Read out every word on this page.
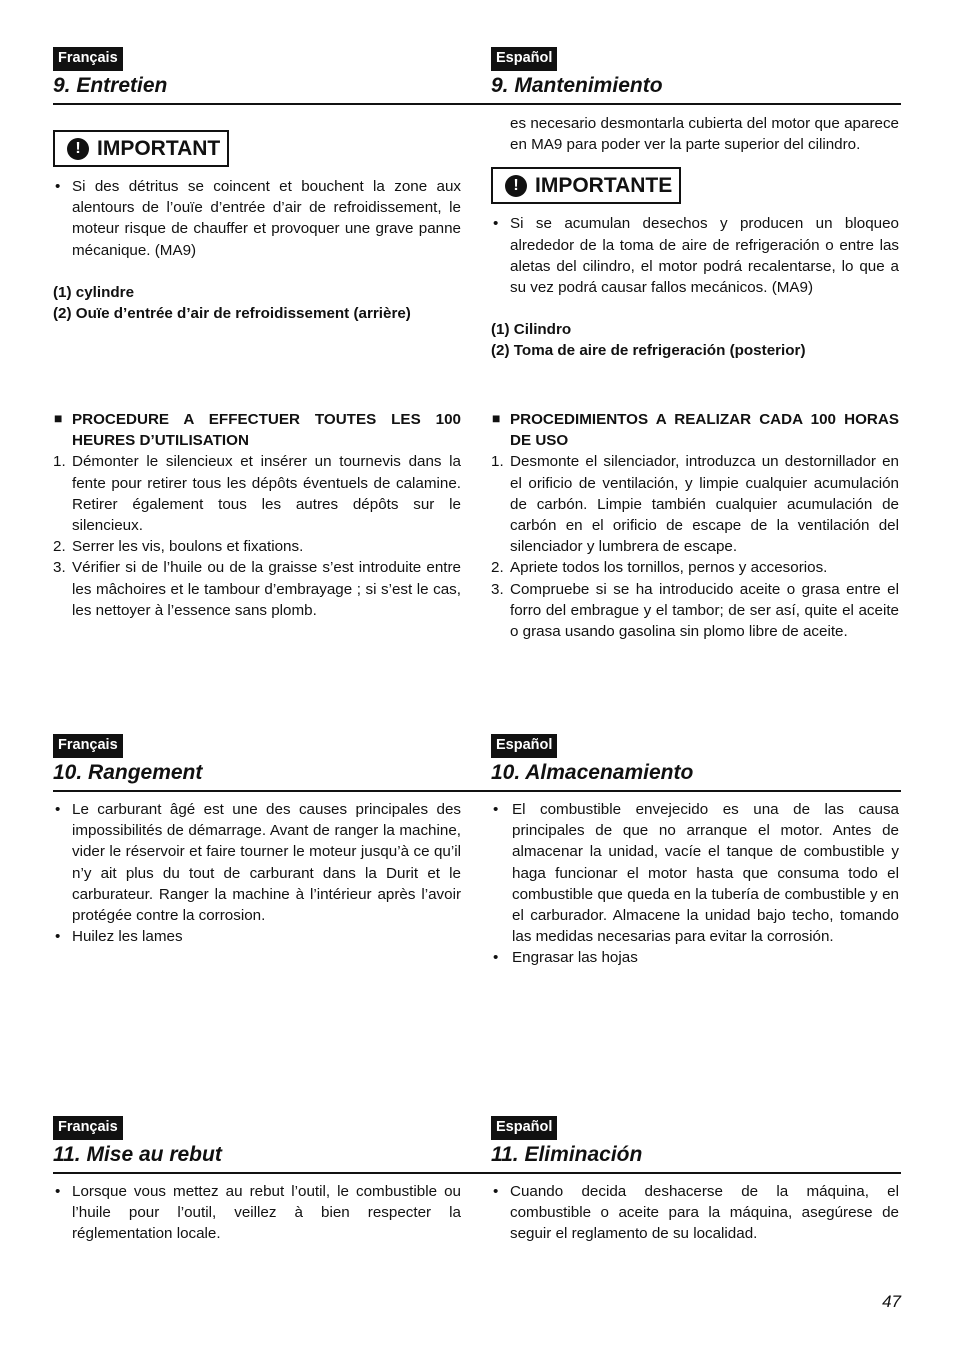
Français
9. Entretien
Español
9. Mantenimiento
! IMPORTANT
• Si des détritus se coincent et bouchent la zone aux alentours de l’ouïe d’entrée d’air de refroidissement, le moteur risque de chauffer et provoquer une grave panne mécanique. (MA9)
(1) cylindre
(2) Ouïe d’entrée d’air de refroidissement (arrière)
■ PROCEDURE A EFFECTUER TOUTES LES 100 HEURES D’UTILISATION
1. Démonter le silencieux et insérer un tournevis dans la fente pour retirer tous les dépôts éventuels de calamine. Retirer également tous les autres dépôts sur le silencieux.
2. Serrer les vis, boulons et fixations.
3. Vérifier si de l’huile ou de la graisse s’est introduite entre les mâchoires et le tambour d’embrayage ; si s’est le cas, les nettoyer à l’essence sans plomb.
es necesario desmontarla cubierta del motor que aparece en MA9 para poder ver la parte superior del cilindro.
! IMPORTANTE
• Si se acumulan desechos y producen un bloqueo alrededor de la toma de aire de refrigeración o entre las aletas del cilindro, el motor podrá recalentarse, lo que a su vez podrá causar fallos mecánicos. (MA9)
(1) Cilindro
(2) Toma de aire de refrigeración (posterior)
■ PROCEDIMIENTOS A REALIZAR CADA 100 HORAS DE USO
1. Desmonte el silenciador, introduzca un destornillador en el orificio de ventilación, y limpie cualquier acumulación de carbón. Limpie también cualquier acumulación de carbón en el orificio de escape de la ventilación del silenciador y lumbrera de escape.
2. Apriete todos los tornillos, pernos y accesorios.
3. Compruebe si se ha introducido aceite o grasa entre el forro del embrague y el tambor; de ser así, quite el aceite o grasa usando gasolina sin plomo libre de aceite.
Français
10. Rangement
Español
10. Almacenamiento
• Le carburant âgé est une des causes principales des impossibilités de démarrage. Avant de ranger la machine, vider le réservoir et faire tourner le moteur jusqu’à ce qu’il n’y ait plus du tout de carburant dans la Durit et le carburateur. Ranger la machine à l’intérieur après l’avoir protégée contre la corrosion.
• Huilez les lames
• El combustible envejecido es una de las causa principales de que no arranque el motor. Antes de almacenar la unidad, vacíe el tanque de combustible y haga funcionar el motor hasta que consuma todo el combustible que queda en la tubería de combustible y en el carburador. Almacene la unidad bajo techo, tomando las medidas necesarias para evitar la corrosión.
• Engrasar las hojas
Français
11. Mise au rebut
Español
11. Eliminación
• Lorsque vous mettez au rebut l’outil, le combustible ou l’huile pour l’outil, veillez à bien respecter la réglementation locale.
• Cuando decida deshacerse de la máquina, el combustible o aceite para la máquina, asegúrese de seguir el reglamento de su localidad.
47
